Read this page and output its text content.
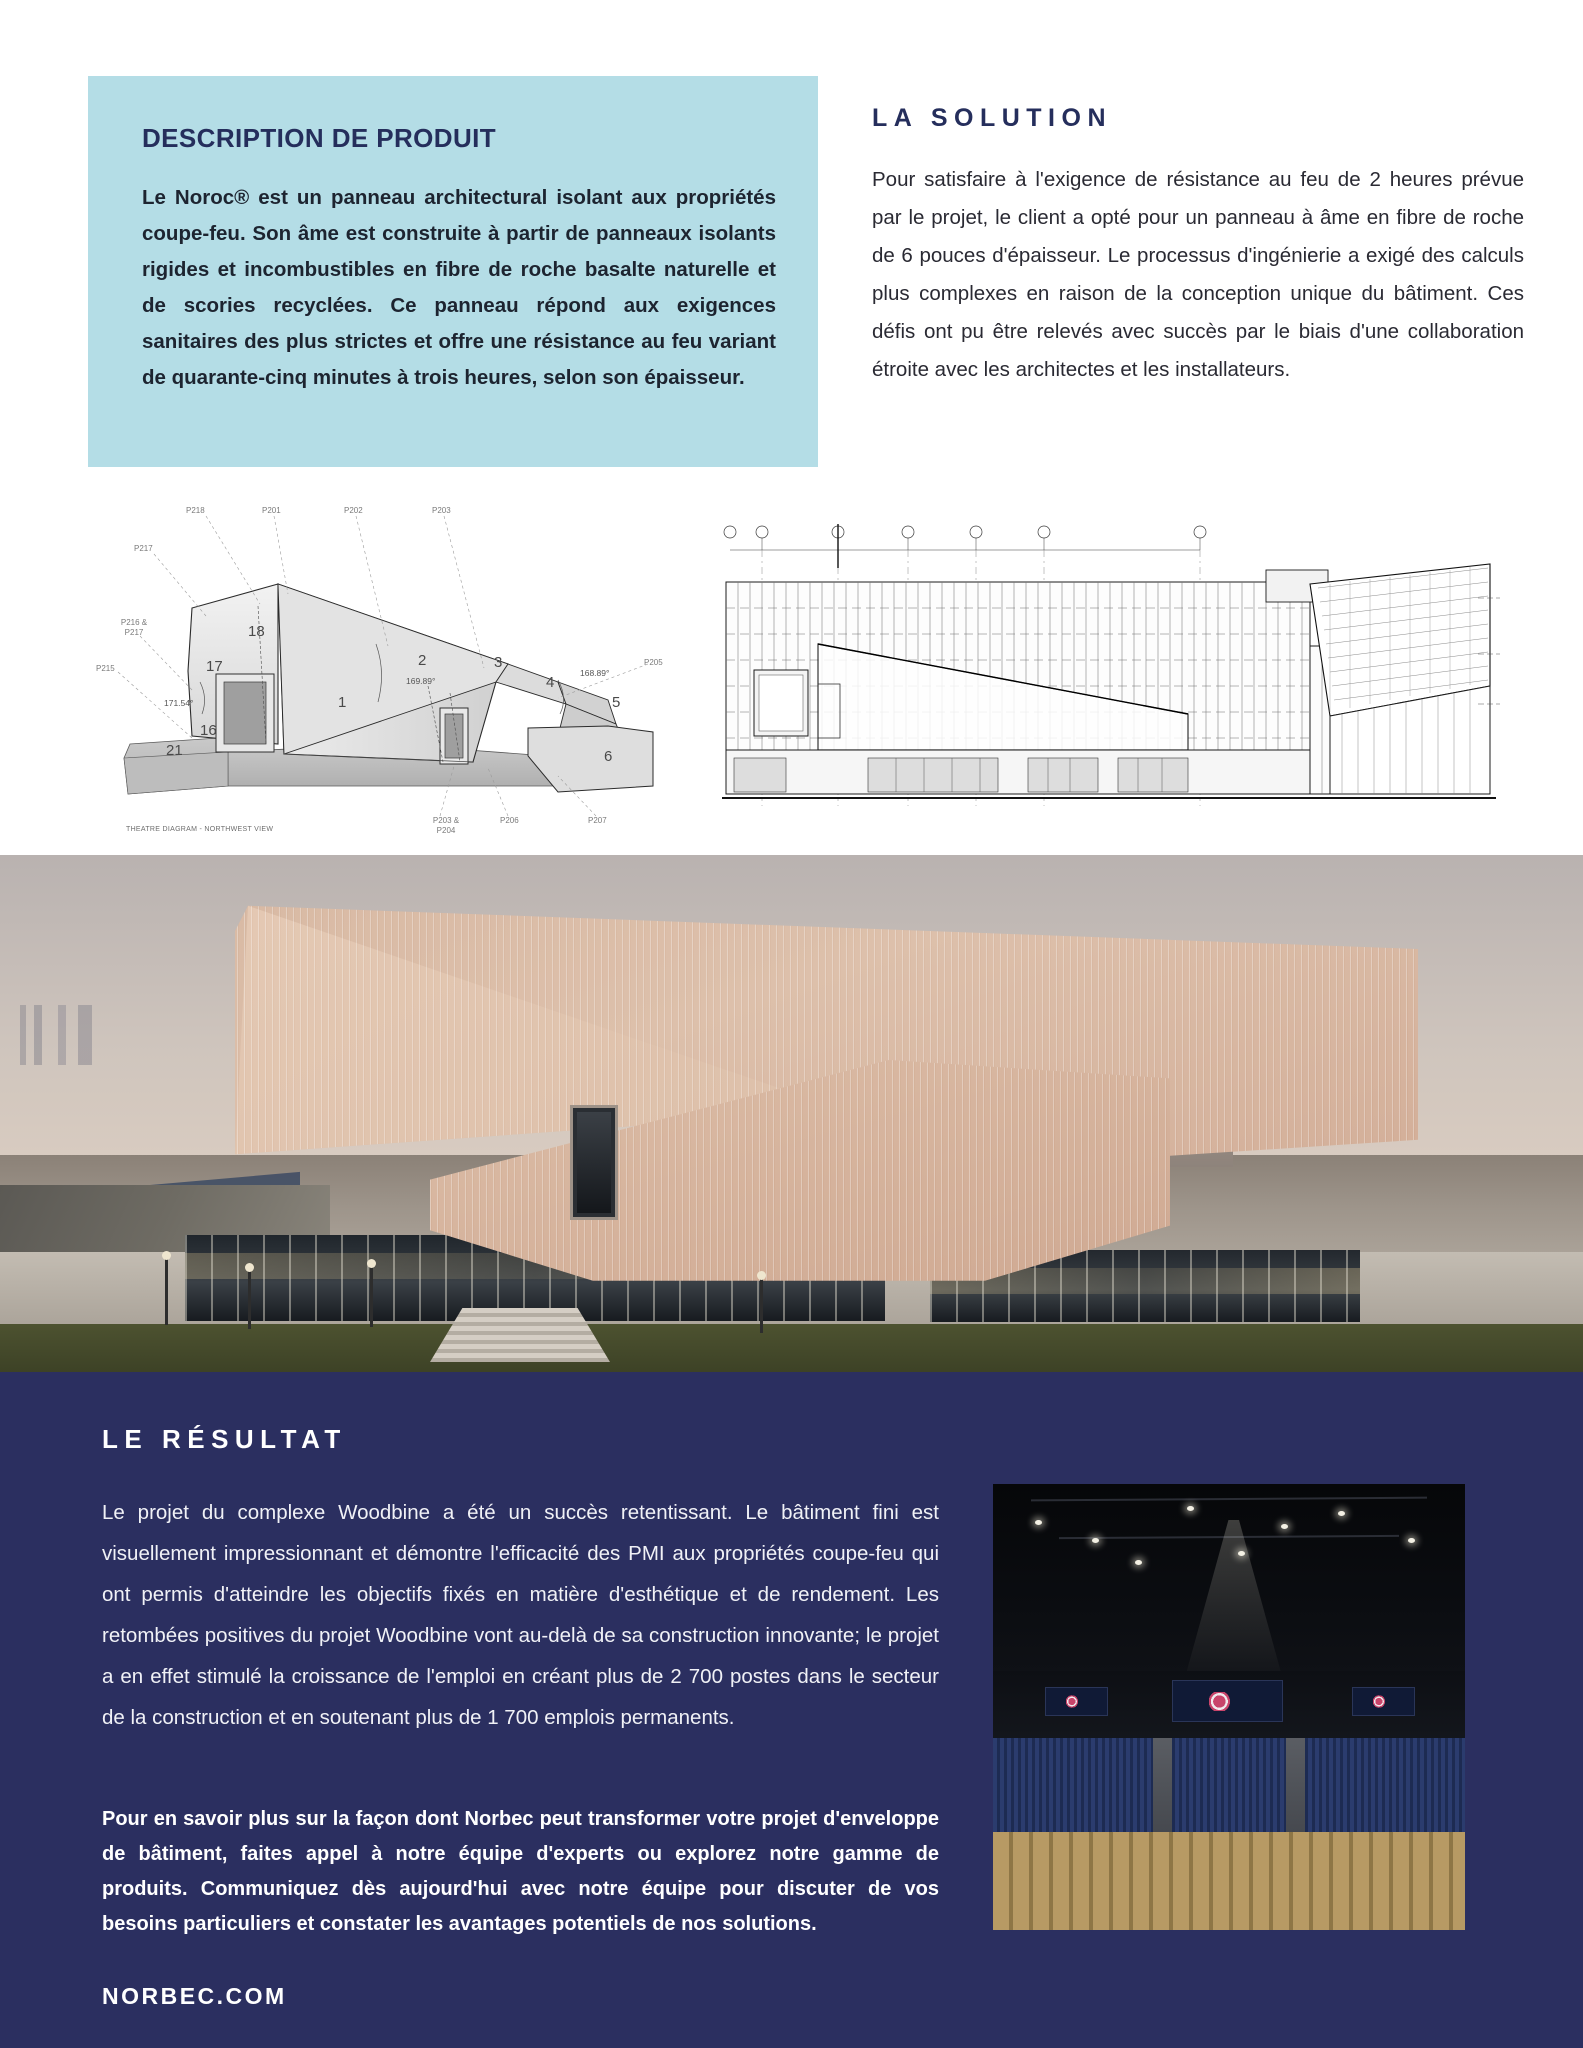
DESCRIPTION DE PRODUIT
Le Noroc® est un panneau architectural isolant aux propriétés coupe-feu. Son âme est construite à partir de panneaux isolants rigides et incombustibles en fibre de roche basalte naturelle et de scories recyclées. Ce panneau répond aux exigences sanitaires des plus strictes et offre une résistance au feu variant de quarante-cinq minutes à trois heures, selon son épaisseur.
LA SOLUTION
Pour satisfaire à l'exigence de résistance au feu de 2 heures prévue par le projet, le client a opté pour un panneau à âme en fibre de roche de 6 pouces d'épaisseur. Le processus d'ingénierie a exigé des calculs plus complexes en raison de la conception unique du bâtiment. Ces défis ont pu être relevés avec succès par le biais d'une collaboration étroite avec les architectes et les installateurs.
P218	P201	P202	P203
P217
P216 & P217
P215
P205
P203 & P204
P206	P207
18
17
16
21
1
2	3
4
5
6
171.54°
169.89°
168.89°
THEATRE DIAGRAM - NORTHWEST VIEW
LE RÉSULTAT
Le projet du complexe Woodbine a été un succès retentissant. Le bâtiment fini est visuellement impressionnant et démontre l'efficacité des PMI aux propriétés coupe-feu qui ont permis d'atteindre les objectifs fixés en matière d'esthétique et de rendement. Les retombées positives du projet Woodbine vont au-delà de sa construction innovante; le projet a en effet stimulé la croissance de l'emploi en créant plus de 2 700 postes dans le secteur de la construction et en soutenant plus de 1 700 emplois permanents.
Pour en savoir plus sur la façon dont Norbec peut transformer votre projet d'enveloppe de bâtiment, faites appel à notre équipe d'experts ou explorez notre gamme de produits. Communiquez dès aujourd'hui avec notre équipe pour discuter de vos besoins particuliers et constater les avantages potentiels de nos solutions.
NORBEC.COM
